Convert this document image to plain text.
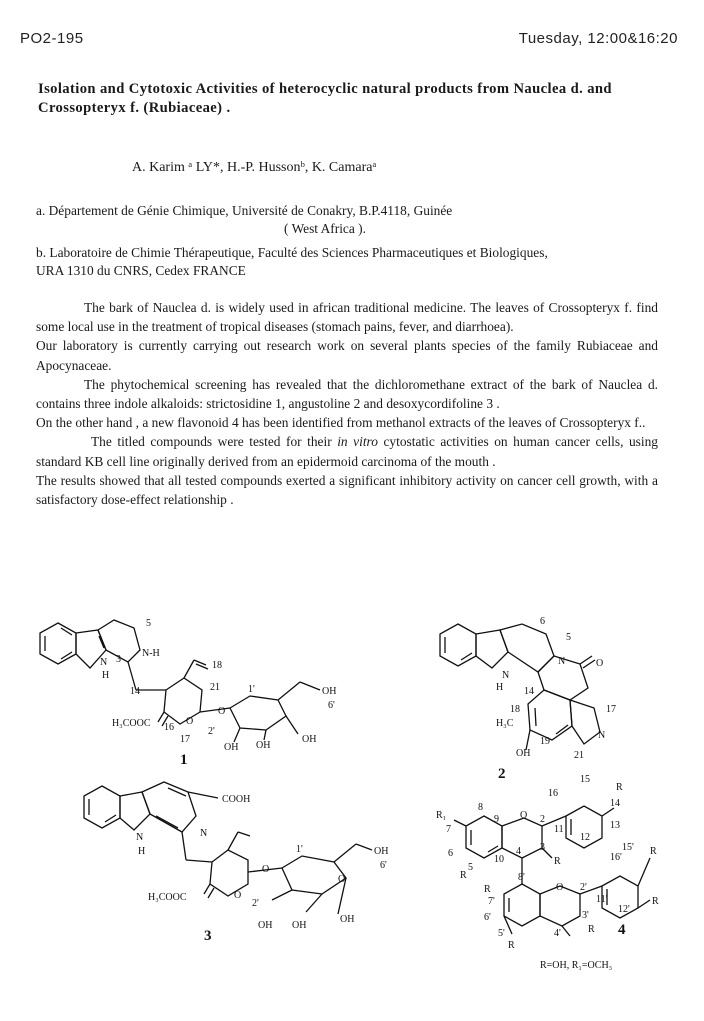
PO2-195	Tuesday, 12:00&16:20
Isolation and Cytotoxic Activities of heterocyclic natural products from Nauclea d. and Crossopteryx f. (Rubiaceae) .
A. Karim ᵃ LY*, H.-P. Hussonᵇ, K. Camaraᵃ
a. Département de Génie Chimique, Université de Conakry, B.P.4118, Guinée
( West Africa ).
b. Laboratoire de Chimie Thérapeutique, Faculté des Sciences Pharmaceutiques et Biologiques,
URA 1310 du CNRS, Cedex FRANCE

The bark of Nauclea d. is widely used in african traditional medicine. The leaves of Crossopteryx f. find some local use in the treatment of tropical diseases (stomach pains, fever, and diarrhoea).

Our laboratory is currently carrying out research work on several plants species of the family Rubiaceae and Apocynaceae.

The phytochemical screening has revealed that the dichloromethane extract of the bark of Nauclea d. contains three indole alkaloids: strictosidine 1, angustoline 2 and desoxycordifoline 3 .

On the other hand , a new flavonoid 4 has been identified from methanol extracts of the leaves of Crossopteryx f..

The titled compounds were tested for their in vitro cytostatic activities on human cancer cells, using standard KB cell line originally derived from an epidermoid carcinoma of the mouth .

The results showed that all tested compounds exerted a significant inhibitory activity on cancer cell growth, with a satisfactory dose-effect relationship .

N
H
5
N-H
3
18
21
14
O
1'	OH
6'
H₃COOC 16
17
2'
O
OH OH
OH
1
N
H
6
5
N	O
14
17
18
H₃C
19
OH
N
21
2
COOH
N
N
H
O
1'	OH
6'
H₃COOC	O
2'
O
OH OH
OH
3
15
R
16
14
R₁
8
9 O 2
11
12
13
7
6
3
R
5
10
4
R	8'
16'
15' R
O 2'
R
7'	11'
12'
R
6'	3'
R
5'	4'
R
4
R=OH, R₁=OCH₃
